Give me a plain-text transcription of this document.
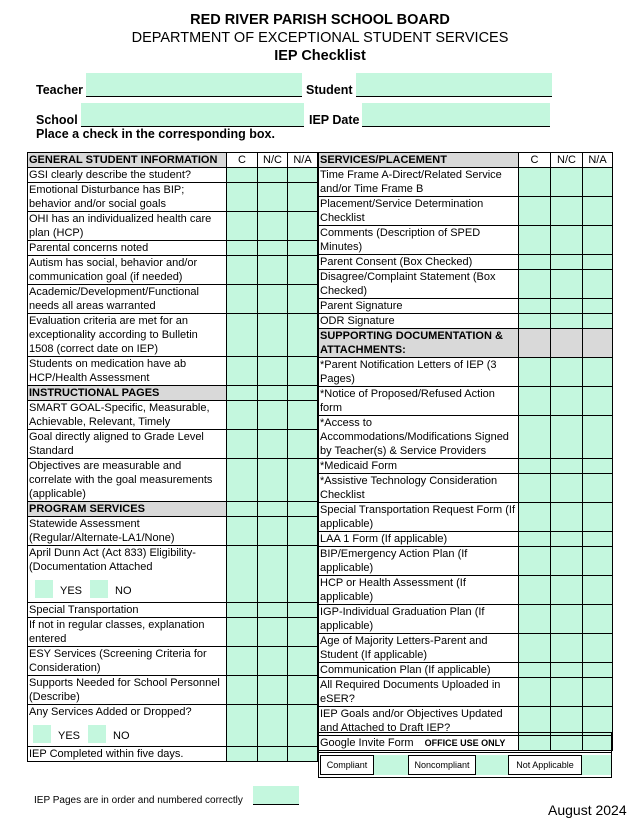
RED RIVER PARISH SCHOOL BOARD
DEPARTMENT OF EXCEPTIONAL STUDENT SERVICES
IEP Checklist
Teacher	Student
School	IEP Date
Place a check in the corresponding box.
GENERAL STUDENT INFORMATION	C	N/C	N/A
GSI clearly describe the student?			
Emotional Disturbance has BIP; behavior and/or social goals			
OHI has an individualized health care plan (HCP)			
Parental concerns noted			
Autism has social, behavior and/or communication goal (if needed)			
Academic/Development/Functional needs all areas warranted			
Evaluation criteria are met for an exceptionality according to Bulletin 1508 (correct date on IEP)			
Students on medication have ab HCP/Health Assessment			
INSTRUCTIONAL PAGES			
SMART GOAL-Specific, Measurable, Achievable, Relevant, Timely			
Goal directly aligned to Grade Level Standard			
Objectives are measurable and correlate with the goal measurements (applicable)			
PROGRAM SERVICES			
Statewide Assessment (Regular/Alternate-LA1/None)			

April Dunn Act (Act 833) Eligibility-(Documentation Attached
YES NO			

Special Transportation			
If not in regular classes, explanation entered			
ESY Services (Screening Criteria for Consideration)			
Supports Needed for School Personnel (Describe)			

Any Services Added or Dropped?
YES NO			

IEP Completed within five days.			
SERVICES/PLACEMENT	C	N/C	N/A
Time Frame A-Direct/Related Service and/or Time Frame B			
Placement/Service Determination Checklist			
Comments (Description of SPED Minutes)			
Parent Consent (Box Checked)			
Disagree/Complaint Statement (Box Checked)			
Parent Signature			
ODR Signature			
SUPPORTING DOCUMENTATION & ATTACHMENTS:			
*Parent Notification Letters of IEP (3 Pages)			
*Notice of Proposed/Refused Action form			
*Access to Accommodations/Modifications Signed by Teacher(s) & Service Providers			
*Medicaid Form			
*Assistive Technology Consideration Checklist			
Special Transportation Request Form (If applicable)			
LAA 1 Form (If applicable)			
BIP/Emergency Action Plan (If applicable)			
HCP or Health Assessment (If applicable)			
IGP-Individual Graduation Plan (If applicable)			
Age of Majority Letters-Parent and Student (If applicable)			
Communication Plan (If applicable)			
All Required Documents Uploaded in eSER?			
IEP Goals and/or Objectives Updated and Attached to Draft IEP?			
Google Invite Form				OFFICE USE ONLY
Compliant	Noncompliant	Not Applicable
IEP Pages are in order and numbered correctly
August 2024
